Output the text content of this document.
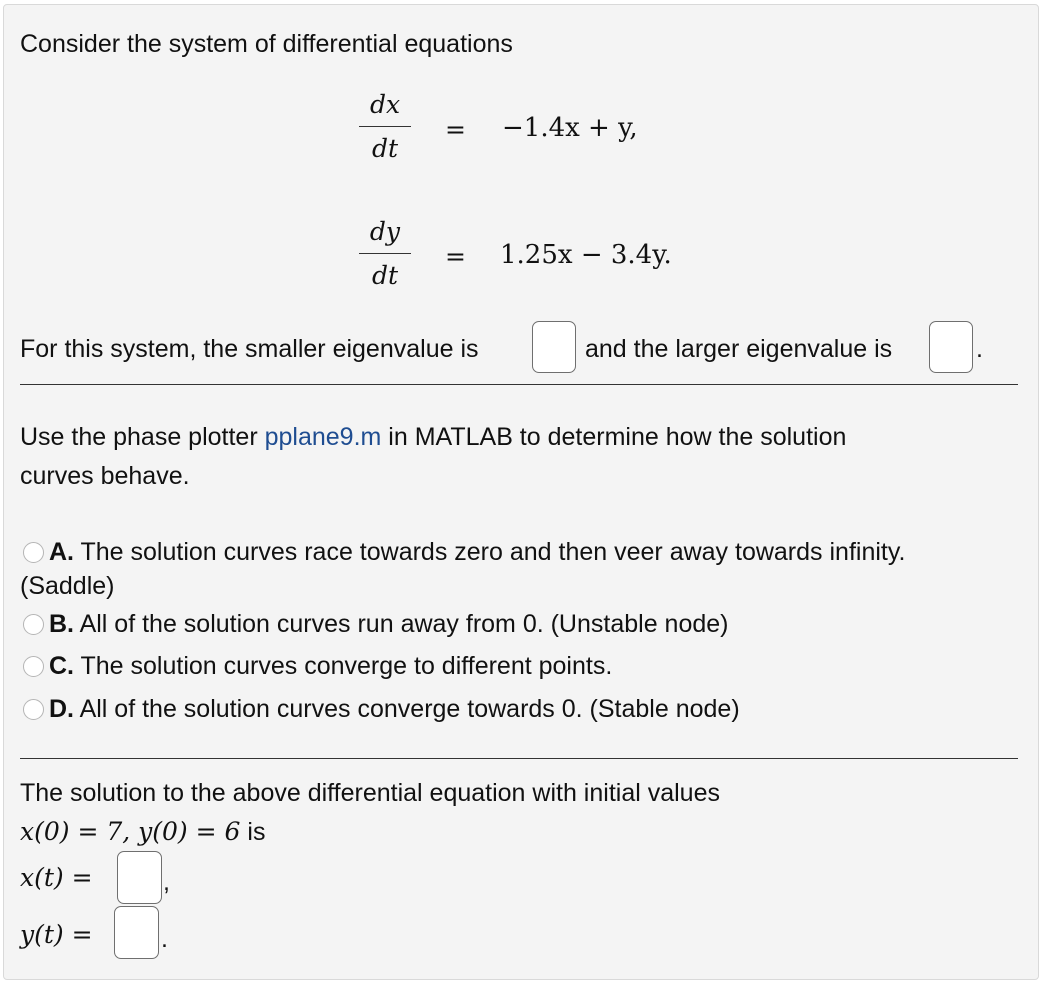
Consider the system of differential equations
dx
dt
= −1.4x + y,
dy
dt
= 1.25x − 3.4y.
For this system, the smaller eigenvalue is	and the larger eigenvalue is	.
Use the phase plotter pplane9.m in MATLAB to determine how the solution
curves behave.
A. The solution curves race towards zero and then veer away towards infinity.
(Saddle)
B. All of the solution curves run away from 0. (Unstable node)
C. The solution curves converge to different points.
D. All of the solution curves converge towards 0. (Stable node)
The solution to the above differential equation with initial values
x(0) = 7, y(0) = 6 is
x(t) =	,
y(t) =	.
